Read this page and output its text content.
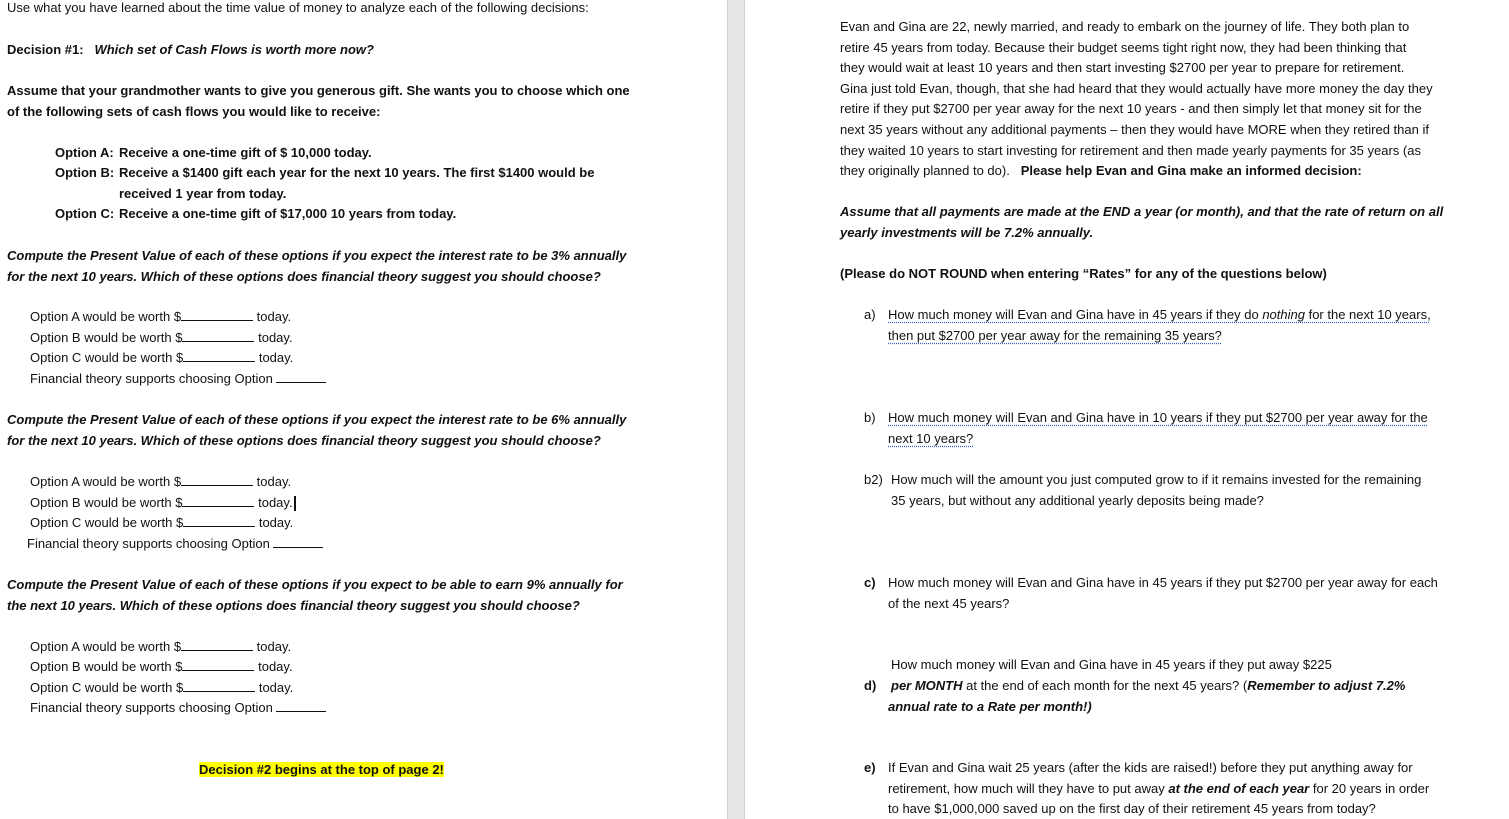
Use what you have learned about the time value of money to analyze each of the following decisions:
Decision #1: Which set of Cash Flows is worth more now?
Assume that your grandmother wants to give you generous gift. She wants you to choose which one
of the following sets of cash flows you would like to receive:
Option A: Receive a one-time gift of $ 10,000 today.
Option B: Receive a $1400 gift each year for the next 10 years. The first $1400 would be
received 1 year from today.
Option C: Receive a one-time gift of $17,000 10 years from today.
Compute the Present Value of each of these options if you expect the interest rate to be 3% annually
for the next 10 years. Which of these options does financial theory suggest you should choose?
Option A would be worth $	today.
Option B would be worth $	today.
Option C would be worth $	today.
Financial theory supports choosing Option
Compute the Present Value of each of these options if you expect the interest rate to be 6% annually
for the next 10 years. Which of these options does financial theory suggest you should choose?
Option A would be worth $	today.
Option B would be worth $	today.
Option C would be worth $	today.
Financial theory supports choosing Option
Compute the Present Value of each of these options if you expect to be able to earn 9% annually for
the next 10 years. Which of these options does financial theory suggest you should choose?
Option A would be worth $	today.
Option B would be worth $	today.
Option C would be worth $	today.
Financial theory supports choosing Option
Decision #2 begins at the top of page 2!
Evan and Gina are 22, newly married, and ready to embark on the journey of life. They both plan to
retire 45 years from today. Because their budget seems tight right now, they had been thinking that
they would wait at least 10 years and then start investing $2700 per year to prepare for retirement.
Gina just told Evan, though, that she had heard that they would actually have more money the day they
retire if they put $2700 per year away for the next 10 years - and then simply let that money sit for the
next 35 years without any additional payments – then they would have MORE when they retired than if
they waited 10 years to start investing for retirement and then made yearly payments for 35 years (as
they originally planned to do). Please help Evan and Gina make an informed decision:
Assume that all payments are made at the END a year (or month), and that the rate of return on all
yearly investments will be 7.2% annually.
(Please do NOT ROUND when entering “Rates” for any of the questions below)
a) How much money will Evan and Gina have in 45 years if they do nothing for the next 10 years,
then put $2700 per year away for the remaining 35 years?
b) How much money will Evan and Gina have in 10 years if they put $2700 per year away for the
next 10 years?
b2) How much will the amount you just computed grow to if it remains invested for the remaining
35 years, but without any additional yearly deposits being made?
c) How much money will Evan and Gina have in 45 years if they put $2700 per year away for each
of the next 45 years?
How much money will Evan and Gina have in 45 years if they put away $225
d) per MONTH at the end of each month for the next 45 years? (Remember to adjust 7.2%
annual rate to a Rate per month!)
e) If Evan and Gina wait 25 years (after the kids are raised!) before they put anything away for
retirement, how much will they have to put away at the end of each year for 20 years in order
to have $1,000,000 saved up on the first day of their retirement 45 years from today?
